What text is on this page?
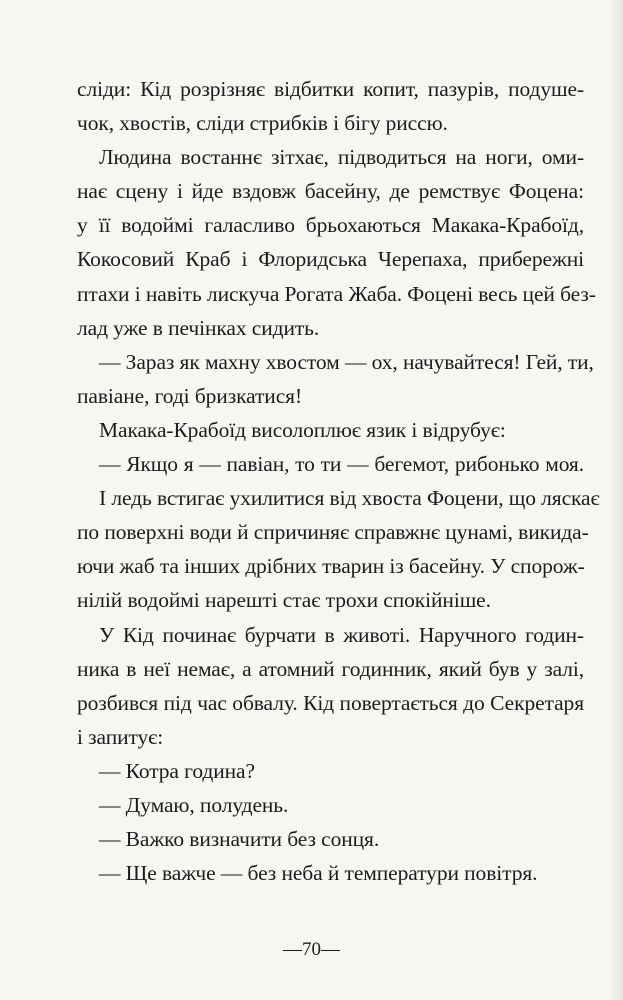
сліди: Кід розрізняє відбитки копит, пазурів, подуше-
чок, хвостів, сліди стрибків і бігу риссю.
Людина востаннє зітхає, підводиться на ноги, оми-
нає сцену і йде вздовж басейну, де ремствує Фоцена:
у її водоймі галасливо брьохаються Макака-Крабоїд,
Кокосовий Краб і Флоридська Черепаха, прибережні
птахи і навіть лискуча Рогата Жаба. Фоцені весь цей без-
лад уже в печінках сидить.
— Зараз як махну хвостом — ох, начувайтеся! Гей, ти,
павіане, годі бризкатися!
Макака-Крабоїд висолоплює язик і відрубує:
— Якщо я — павіан, то ти — бегемот, рибонько моя.
І ледь встигає ухилитися від хвоста Фоцени, що ляскає
по поверхні води й спричиняє справжнє цунамі, викида-
ючи жаб та інших дрібних тварин із басейну. У спорож-
нілій водоймі нарешті стає трохи спокійніше.
У Кід починає бурчати в животі. Наручного годин-
ника в неї немає, а атомний годинник, який був у залі,
розбився під час обвалу. Кід повертається до Секретаря
і запитує:
— Котра година?
— Думаю, полудень.
— Важко визначити без сонця.
— Ще важче — без неба й температури повітря.
—70—
